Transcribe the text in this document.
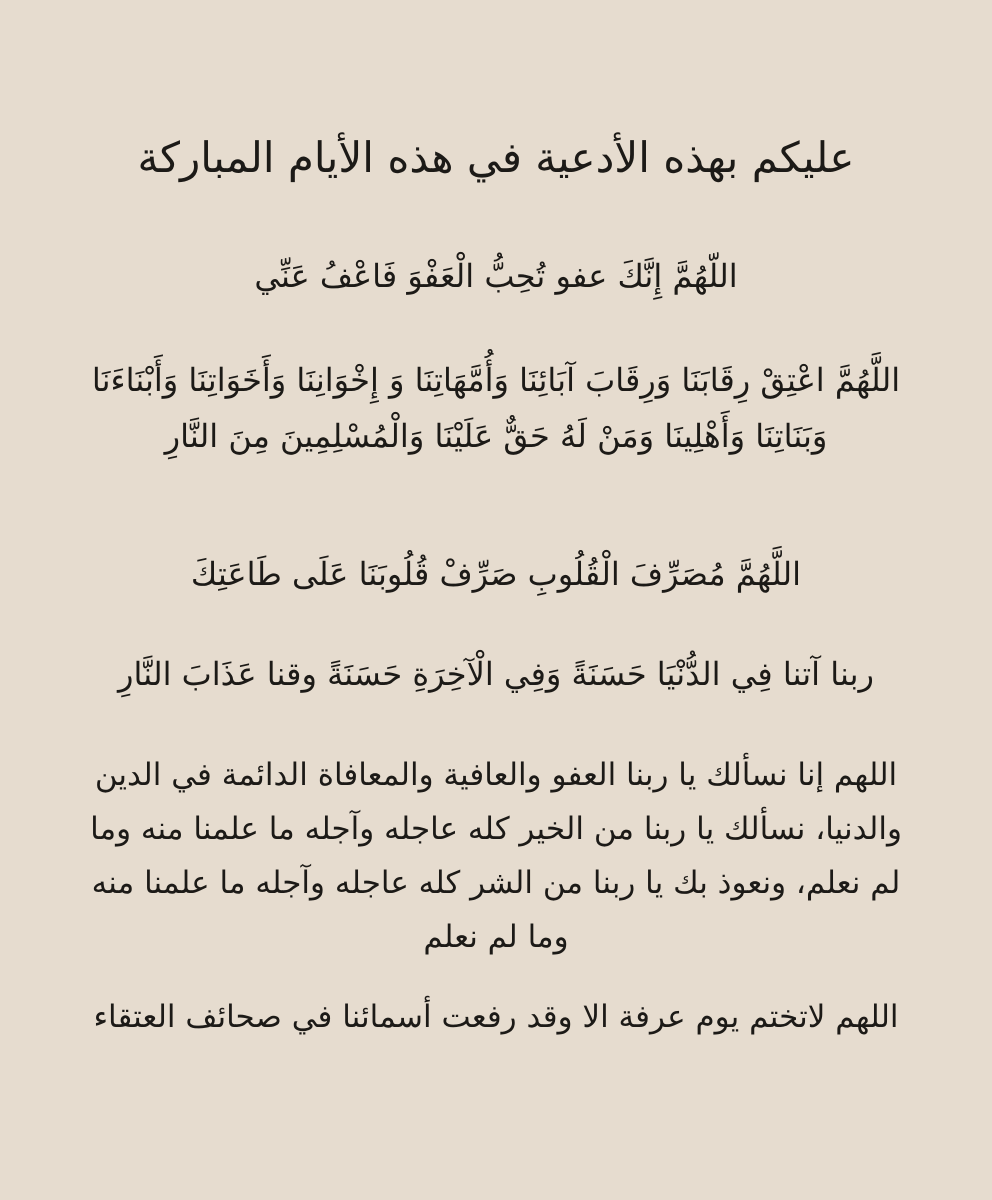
عليكم بهذه الأدعية في هذه الأيام المباركة

اللّهُمَّ إِنَّكَ عفو تُحِبُّ الْعَفْوَ فَاعْفُ عَنِّي

اللَّهُمَّ اعْتِقْ رِقَابَنَا وَرِقَابَ آبَائِنَا وَأُمَّهَاتِنَا وَ إِخْوَانِنَا وَأَخَوَاتِنَا وَأَبْنَاءَنَا وَبَنَاتِنَا وَأَهْلِينَا وَمَنْ لَهُ حَقٌّ عَلَيْنَا وَالْمُسْلِمِينَ مِنَ النَّارِ

اللَّهُمَّ مُصَرِّفَ الْقُلُوبِ صَرِّفْ قُلُوبَنَا عَلَى طَاعَتِكَ

ربنا آتنا فِي الدُّنْيَا حَسَنَةً وَفِي الْآخِرَةِ حَسَنَةً وقنا عَذَابَ النَّارِ

اللهم إنا نسألك يا ربنا العفو والعافية والمعافاة الدائمة في الدين والدنيا، نسألك يا ربنا من الخير كله عاجله وآجله ما علمنا منه وما لم نعلم، ونعوذ بك يا ربنا من الشر كله عاجله وآجله ما علمنا منه وما لم نعلم

اللهم لاتختم يوم عرفة الا وقد رفعت أسمائنا في صحائف العتقاء
